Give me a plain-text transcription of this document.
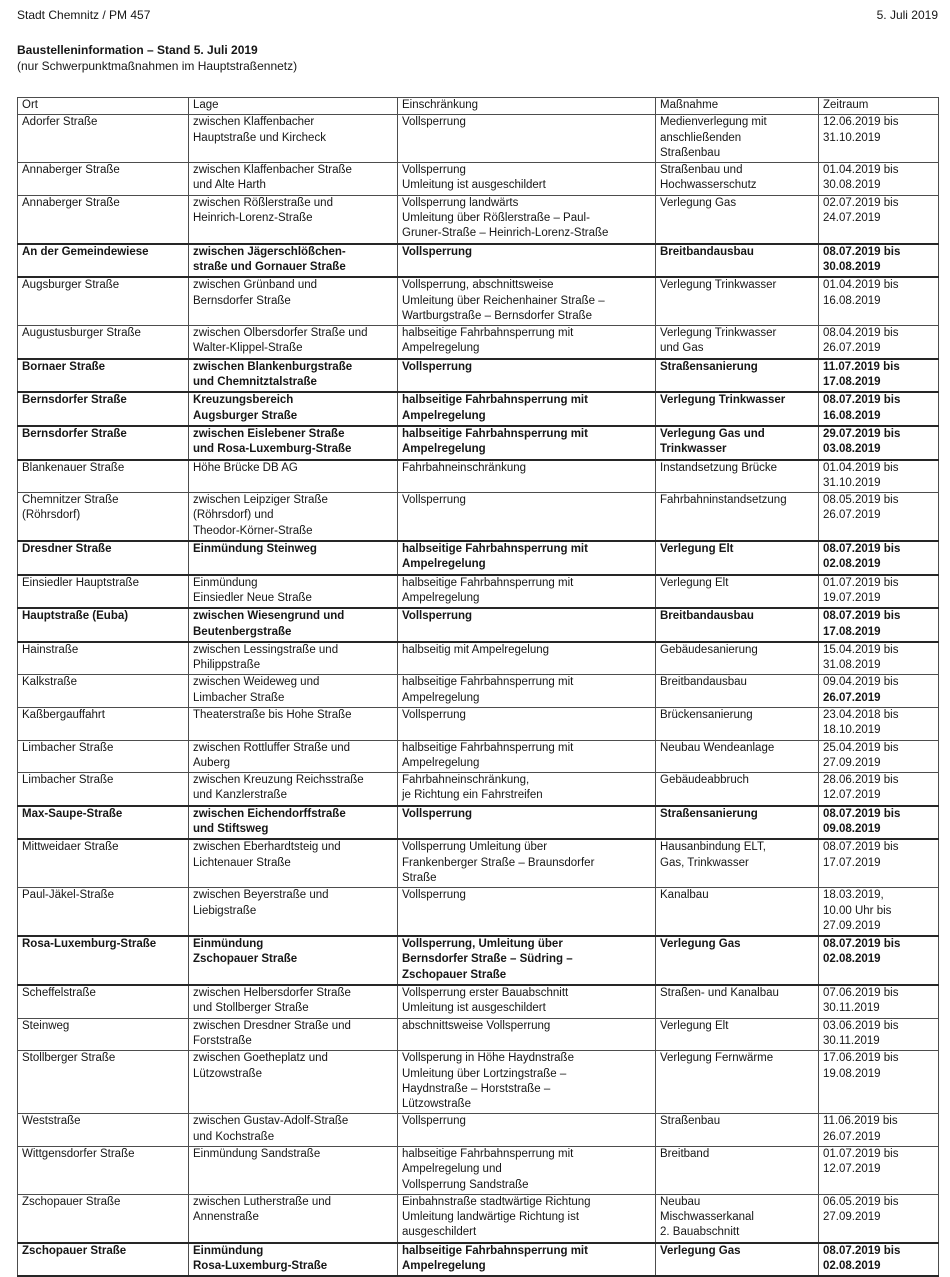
Stadt Chemnitz / PM 457	5. Juli 2019
Baustelleninformation – Stand 5. Juli 2019
(nur Schwerpunktmaßnahmen im Hauptstraßennetz)
Ort	Lage	Einschränkung	Maßnahme	Zeitraum
Adorfer Straße	zwischen Klaffenbacher
Hauptstraße und Kircheck	Vollsperrung	Medienverlegung mit
anschließenden
Straßenbau	12.06.2019 bis
31.10.2019
Annaberger Straße	zwischen Klaffenbacher Straße
und Alte Harth	Vollsperrung
Umleitung ist ausgeschildert	Straßenbau und
Hochwasserschutz	01.04.2019 bis
30.08.2019
Annaberger Straße	zwischen Rößlerstraße und
Heinrich-Lorenz-Straße	Vollsperrung landwärts
Umleitung über Rößlerstraße – Paul-
Gruner-Straße – Heinrich-Lorenz-Straße	Verlegung Gas	02.07.2019 bis
24.07.2019
An der Gemeindewiese	zwischen Jägerschlößchen-
straße und Gornauer Straße	Vollsperrung	Breitbandausbau	08.07.2019 bis
30.08.2019
Augsburger Straße	zwischen Grünband und
Bernsdorfer Straße	Vollsperrung, abschnittsweise
Umleitung über Reichenhainer Straße –
Wartburgstraße – Bernsdorfer Straße	Verlegung Trinkwasser	01.04.2019 bis
16.08.2019
Augustusburger Straße	zwischen Olbersdorfer Straße und
Walter-Klippel-Straße	halbseitige Fahrbahnsperrung mit
Ampelregelung	Verlegung Trinkwasser
und Gas	08.04.2019 bis
26.07.2019
Bornaer Straße	zwischen Blankenburgstraße
und Chemnitztalstraße	Vollsperrung	Straßensanierung	11.07.2019 bis
17.08.2019
Bernsdorfer Straße	Kreuzungsbereich
Augsburger Straße	halbseitige Fahrbahnsperrung mit
Ampelregelung	Verlegung Trinkwasser	08.07.2019 bis
16.08.2019
Bernsdorfer Straße	zwischen Eislebener Straße
und Rosa-Luxemburg-Straße	halbseitige Fahrbahnsperrung mit
Ampelregelung	Verlegung Gas und
Trinkwasser	29.07.2019 bis
03.08.2019
Blankenauer Straße	Höhe Brücke DB AG	Fahrbahneinschränkung	Instandsetzung Brücke	01.04.2019 bis
31.10.2019
Chemnitzer Straße
(Röhrsdorf)	zwischen Leipziger Straße
(Röhrsdorf) und
Theodor-Körner-Straße	Vollsperrung	Fahrbahninstandsetzung	08.05.2019 bis
26.07.2019
Dresdner Straße	Einmündung Steinweg	halbseitige Fahrbahnsperrung mit
Ampelregelung	Verlegung Elt	08.07.2019 bis
02.08.2019
Einsiedler Hauptstraße	Einmündung
Einsiedler Neue Straße	halbseitige Fahrbahnsperrung mit
Ampelregelung	Verlegung Elt	01.07.2019 bis
19.07.2019
Hauptstraße (Euba)	zwischen Wiesengrund und
Beutenbergstraße	Vollsperrung	Breitbandausbau	08.07.2019 bis
17.08.2019
Hainstraße	zwischen Lessingstraße und
Philippstraße	halbseitig mit Ampelregelung	Gebäudesanierung	15.04.2019 bis
31.08.2019
Kalkstraße	zwischen Weideweg und
Limbacher Straße	halbseitige Fahrbahnsperrung mit
Ampelregelung	Breitbandausbau	09.04.2019 bis
26.07.2019
Kaßbergauffahrt	Theaterstraße bis Hohe Straße	Vollsperrung	Brückensanierung	23.04.2018 bis
18.10.2019
Limbacher Straße	zwischen Rottluffer Straße und
Auberg	halbseitige Fahrbahnsperrung mit
Ampelregelung	Neubau Wendeanlage	25.04.2019 bis
27.09.2019
Limbacher Straße	zwischen Kreuzung Reichsstraße
und Kanzlerstraße	Fahrbahneinschränkung,
je Richtung ein Fahrstreifen	Gebäudeabbruch	28.06.2019 bis
12.07.2019
Max-Saupe-Straße	zwischen Eichendorffstraße
und Stiftsweg	Vollsperrung	Straßensanierung	08.07.2019 bis
09.08.2019
Mittweidaer Straße	zwischen Eberhardtsteig und
Lichtenauer Straße	Vollsperrung Umleitung über
Frankenberger Straße – Braunsdorfer
Straße	Hausanbindung ELT,
Gas, Trinkwasser	08.07.2019 bis
17.07.2019
Paul-Jäkel-Straße	zwischen Beyerstraße und
Liebigstraße	Vollsperrung	Kanalbau	18.03.2019,
10.00 Uhr bis
27.09.2019
Rosa-Luxemburg-Straße	Einmündung
Zschopauer Straße	Vollsperrung, Umleitung über
Bernsdorfer Straße – Südring –
Zschopauer Straße	Verlegung Gas	08.07.2019 bis
02.08.2019
Scheffelstraße	zwischen Helbersdorfer Straße
und Stollberger Straße	Vollsperrung erster Bauabschnitt
Umleitung ist ausgeschildert	Straßen- und Kanalbau	07.06.2019 bis
30.11.2019
Steinweg	zwischen Dresdner Straße und
Forststraße	abschnittsweise Vollsperrung	Verlegung Elt	03.06.2019 bis
30.11.2019
Stollberger Straße	zwischen Goetheplatz und
Lützowstraße	Vollsperung in Höhe Haydnstraße
Umleitung über Lortzingstraße –
Haydnstraße – Horststraße –
Lützowstraße	Verlegung Fernwärme	17.06.2019 bis
19.08.2019
Weststraße	zwischen Gustav-Adolf-Straße
und Kochstraße	Vollsperrung	Straßenbau	11.06.2019 bis
26.07.2019
Wittgensdorfer Straße	Einmündung Sandstraße	halbseitige Fahrbahnsperrung mit
Ampelregelung und
Vollsperrung Sandstraße	Breitband	01.07.2019 bis
12.07.2019
Zschopauer Straße	zwischen Lutherstraße und
Annenstraße	Einbahnstraße stadtwärtige Richtung
Umleitung landwärtige Richtung ist
ausgeschildert	Neubau
Mischwasserkanal
2. Bauabschnitt	06.05.2019 bis
27.09.2019
Zschopauer Straße	Einmündung
Rosa-Luxemburg-Straße	halbseitige Fahrbahnsperrung mit
Ampelregelung	Verlegung Gas	08.07.2019 bis
02.08.2019
